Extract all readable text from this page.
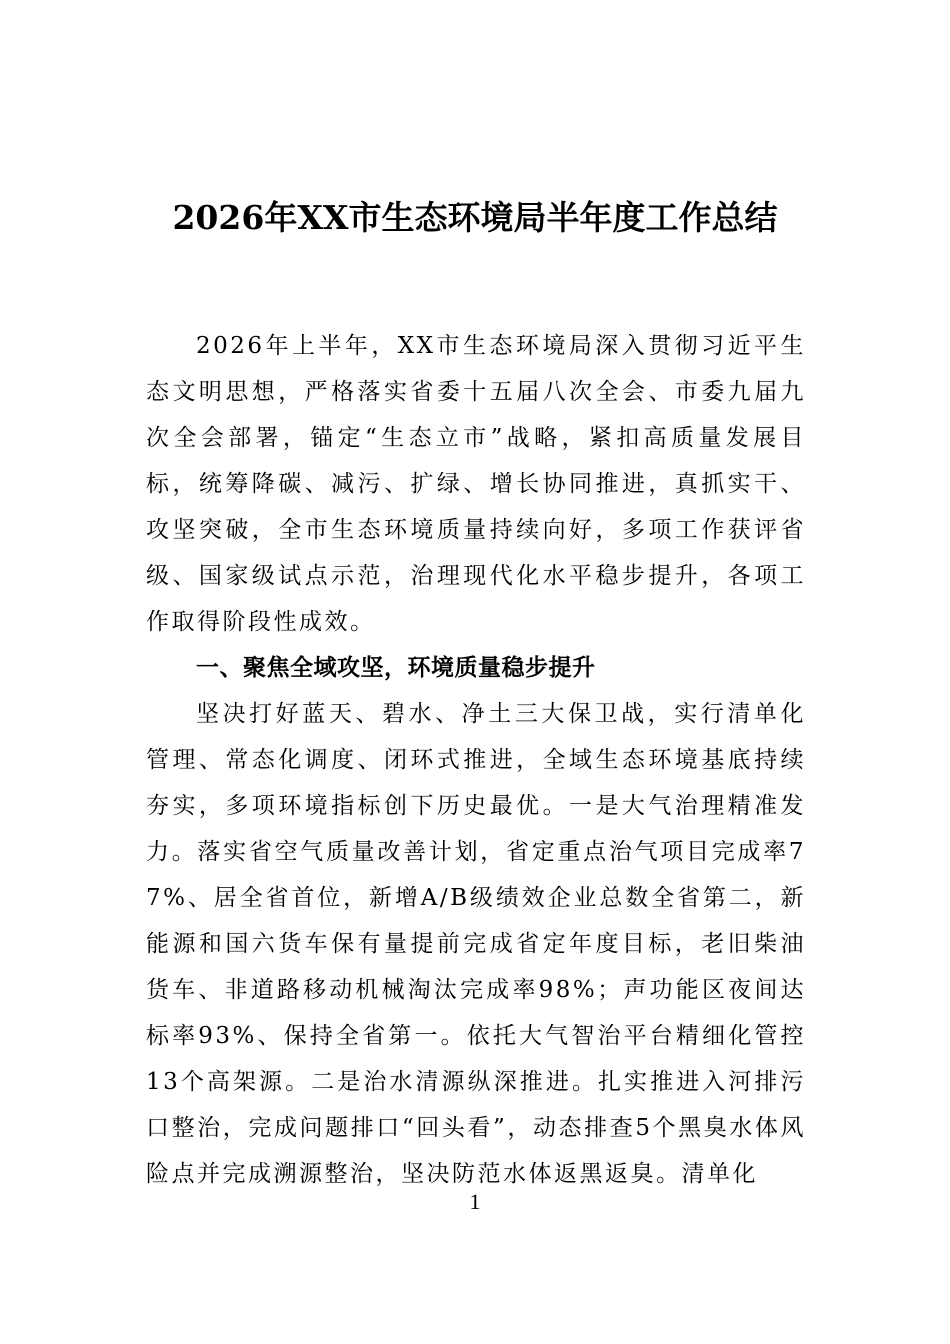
2026年XX市生态环境局半年度工作总结

2026年上半年，XX市生态环境局深入贯彻习近平生态文明思想，严格落实省委十五届八次全会、市委九届九次全会部署，锚定“生态立市”战略，紧扣高质量发展目标，统筹降碳、减污、扩绿、增长协同推进，真抓实干、攻坚突破，全市生态环境质量持续向好，多项工作获评省级、国家级试点示范，治理现代化水平稳步提升，各项工作取得阶段性成效。

一、聚焦全域攻坚，环境质量稳步提升

坚决打好蓝天、碧水、净土三大保卫战，实行清单化管理、常态化调度、闭环式推进，全域生态环境基底持续夯实，多项环境指标创下历史最优。一是大气治理精准发力。落实省空气质量改善计划，省定重点治气项目完成率77%、居全省首位，新增A/B级绩效企业总数全省第二，新能源和国六货车保有量提前完成省定年度目标，老旧柴油货车、非道路移动机械淘汰完成率98%；声功能区夜间达标率93%、保持全省第一。依托大气智治平台精细化管控13个高架源。二是治水清源纵深推进。扎实推进入河排污口整治，完成问题排口“回头看”，动态排查5个黑臭水体风险点并完成溯源整治，坚决防范水体返黑返臭。清单化

1
